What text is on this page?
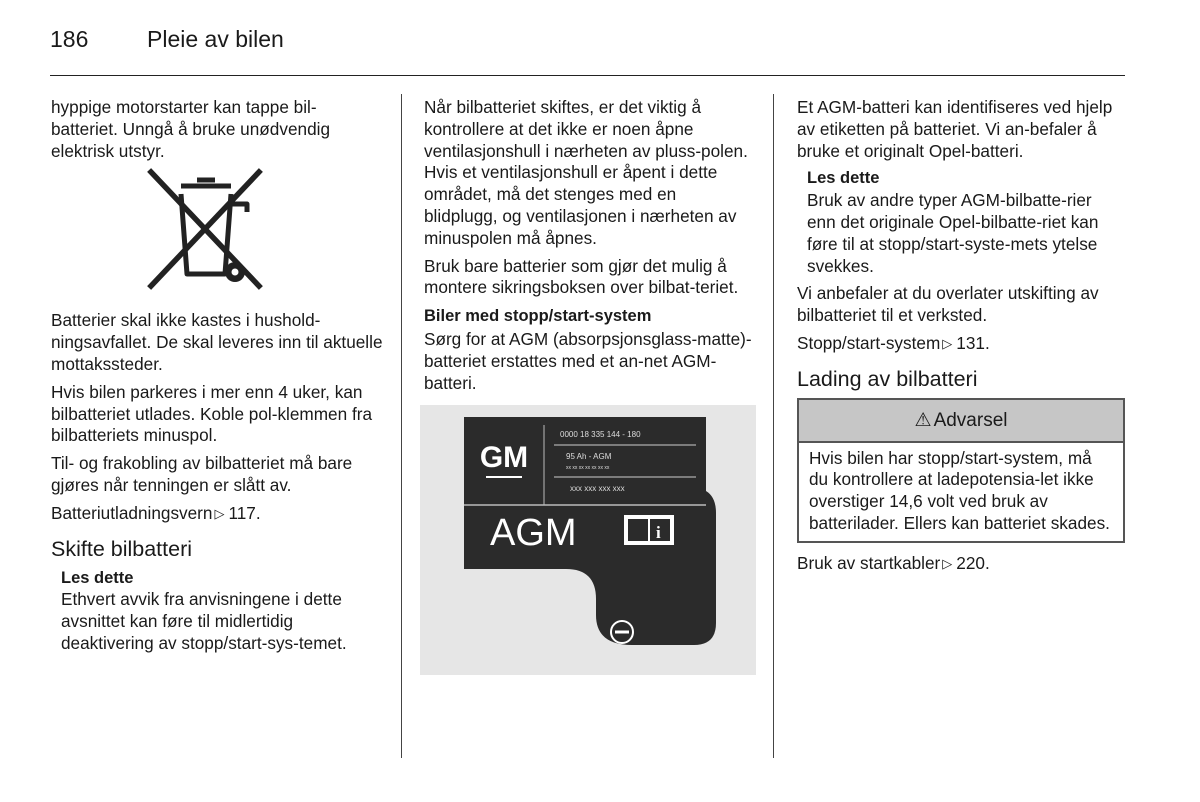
186	Pleie av bilen

hyppige motorstarter kan tappe bil-batteriet. Unngå å bruke unødvendig elektrisk utstyr.

Batterier skal ikke kastes i hushold-ningsavfallet. De skal leveres inn til aktuelle mottakssteder.

Hvis bilen parkeres i mer enn 4 uker, kan bilbatteriet utlades. Koble pol-klemmen fra bilbatteriets minuspol.

Til- og frakobling av bilbatteriet må bare gjøres når tenningen er slått av.

Batteriutladningsvern ▷ 117.

Skifte bilbatteri
Les dette
Ethvert avvik fra anvisningene i dette avsnittet kan føre til midlertidig deaktivering av stopp/start-sys-temet.

Når bilbatteriet skiftes, er det viktig å kontrollere at det ikke er noen åpne ventilasjonshull i nærheten av pluss-polen. Hvis et ventilasjonshull er åpent i dette området, må det stenges med en blidplugg, og ventilasjonen i nærheten av minuspolen må åpnes.

Bruk bare batterier som gjør det mulig å montere sikringsboksen over bilbat-teriet.

Biler med stopp/start-system

Sørg for at AGM (absorpsjonsglass-matte)-batteriet erstattes med et an-net AGM-batteri.

GM
0000 18 335 144 - 180
95 Ah - AGM
xx xx xx xx xx xx xx
xxx xxx xxx xxx
AGM	i

Et AGM-batteri kan identifiseres ved hjelp av etiketten på batteriet. Vi an-befaler å bruke et originalt Opel-batteri.

Les dette
Bruk av andre typer AGM-bilbatte-rier enn det originale Opel-bilbatte-riet kan føre til at stopp/start-syste-mets ytelse svekkes.

Vi anbefaler at du overlater utskifting av bilbatteriet til et verksted.

Stopp/start-system ▷ 131.

Lading av bilbatteri
⚠ Advarsel
Hvis bilen har stopp/start-system, må du kontrollere at ladepotensia-let ikke overstiger 14,6 volt ved bruk av batterilader. Ellers kan batteriet skades.

Bruk av startkabler ▷ 220.
